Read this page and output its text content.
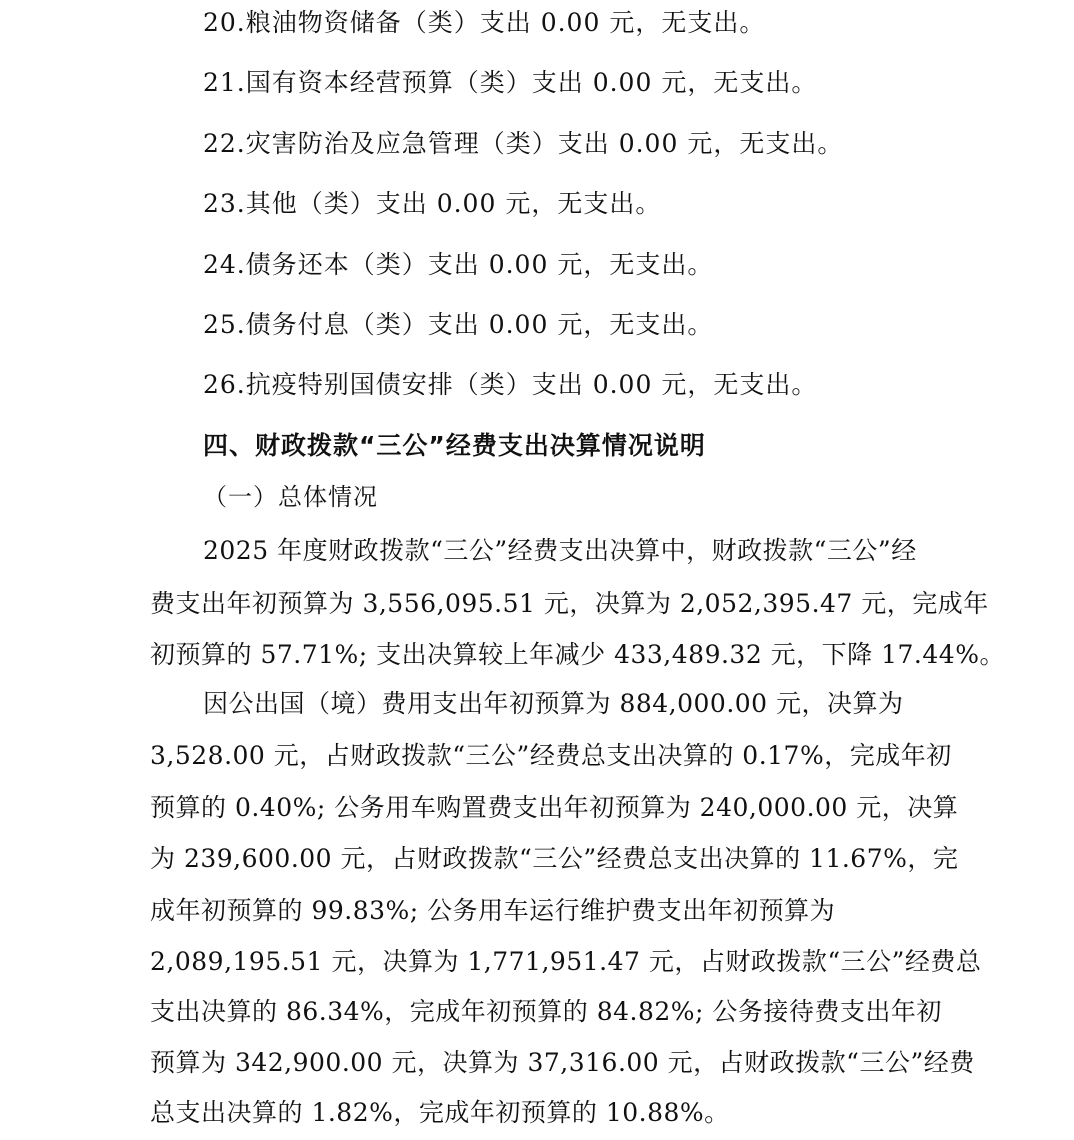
20.粮油物资储备（类）支出 0.00 元，无支出。
21.国有资本经营预算（类）支出 0.00 元，无支出。
22.灾害防治及应急管理（类）支出 0.00 元，无支出。
23.其他（类）支出 0.00 元，无支出。
24.债务还本（类）支出 0.00 元，无支出。
25.债务付息（类）支出 0.00 元，无支出。
26.抗疫特别国债安排（类）支出 0.00 元，无支出。
四、财政拨款“三公”经费支出决算情况说明
（一）总体情况
2025 年度财政拨款“三公”经费支出决算中，财政拨款“三公”经
费支出年初预算为 3,556,095.51 元，决算为 2,052,395.47 元，完成年
初预算的 57.71%; 支出决算较上年减少 433,489.32 元，下降 17.44%。
因公出国（境）费用支出年初预算为 884,000.00 元，决算为
3,528.00 元，占财政拨款“三公”经费总支出决算的 0.17%，完成年初
预算的 0.40%; 公务用车购置费支出年初预算为 240,000.00 元，决算
为 239,600.00 元，占财政拨款“三公”经费总支出决算的 11.67%，完
成年初预算的 99.83%; 公务用车运行维护费支出年初预算为
2,089,195.51 元，决算为 1,771,951.47 元，占财政拨款“三公”经费总
支出决算的 86.34%，完成年初预算的 84.82%; 公务接待费支出年初
预算为 342,900.00 元，决算为 37,316.00 元，占财政拨款“三公”经费
总支出决算的 1.82%，完成年初预算的 10.88%。
